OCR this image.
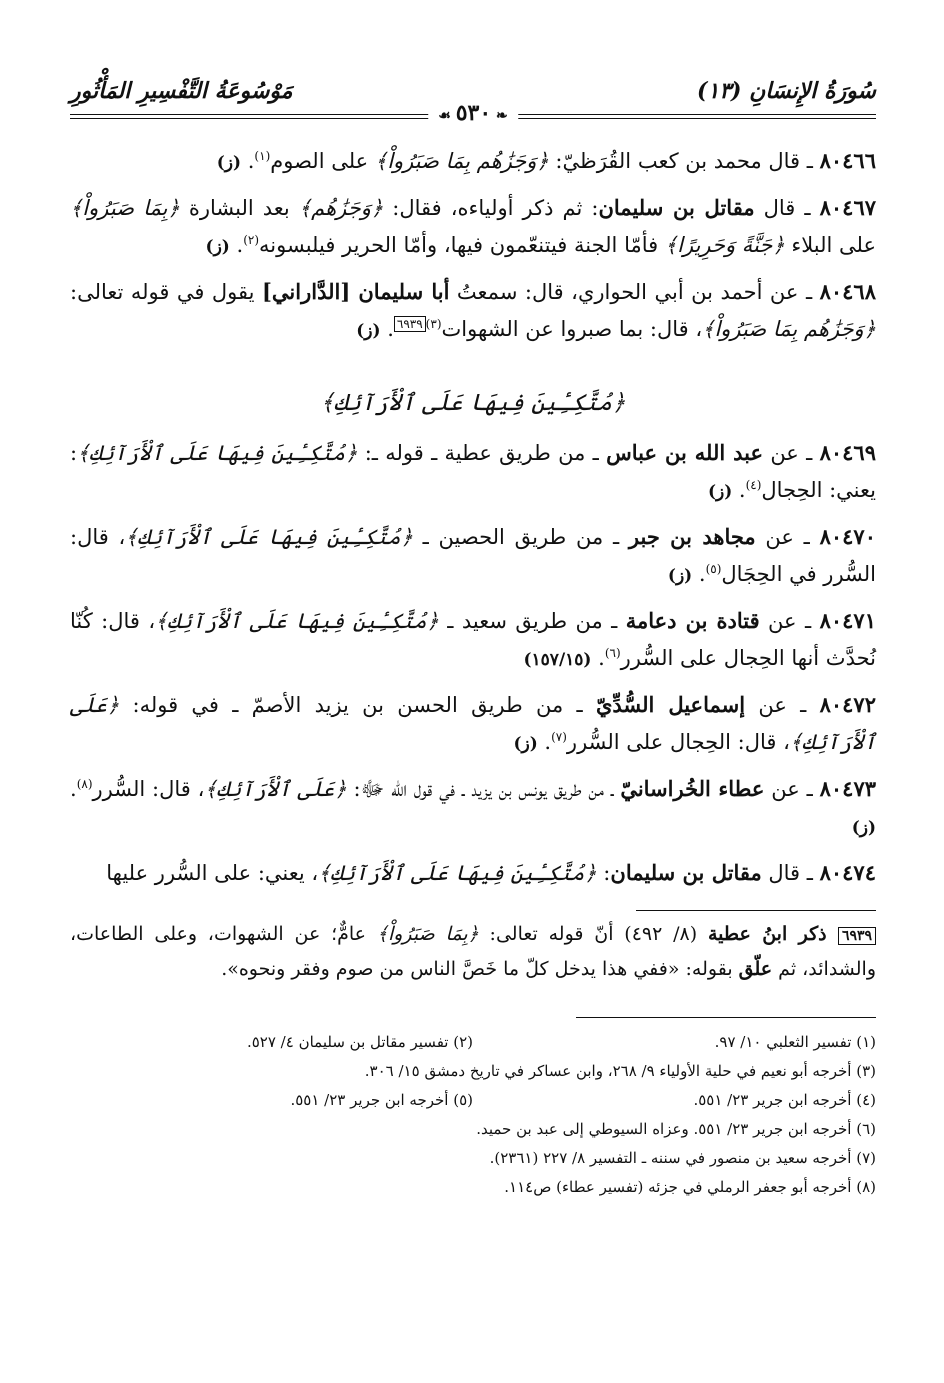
سُورَةُ الإِنسَانِ (١٣)
مَوْسُوعَةُ التَّفْسِيرِ المَأْثُورِ
❧ ٥٣٠ ☙

٨٠٤٦٦ ـ قال محمد بن كعب القُرَظيّ: ﴿وَجَزَٰهُم بِمَا صَبَرُواْ﴾ على الصوم$^{(١)}$. (ز)

٨٠٤٦٧ ـ قال مقاتل بن سليمان: ثم ذكر أولياءه، فقال: ﴿وَجَزَٰهُم﴾ بعد البشارة ﴿بِمَا صَبَرُواْ﴾ على البلاء ﴿جَنَّةً وَحَرِيرًا﴾ فأمّا الجنة فيتنعّمون فيها، وأمّا الحرير فيلبسونه$^{(٢)}$. (ز)

٨٠٤٦٨ ـ عن أحمد بن أبي الحواري، قال: سمعتُ أبا سليمان [الدَّاراني] يقول في قوله تعالى: ﴿وَجَزَٰهُم بِمَا صَبَرُواْ﴾، قال: بما صبروا عن الشهوات$^{(٣)}$٦٩٣٩. (ز)

﴿مُتَّكِـِٔينَ فِيهَا عَلَى ٱلْأَرَآئِكِ﴾

٨٠٤٦٩ ـ عن عبد الله بن عباس ـ من طريق عطية ـ قوله ـ: ﴿مُتَّكِـِٔينَ فِيهَا عَلَى ٱلْأَرَآئِكِ﴾: يعني: الحِجال$^{(٤)}$. (ز)

٨٠٤٧٠ ـ عن مجاهد بن جبر ـ من طريق الحصين ـ ﴿مُتَّكِـِٔينَ فِيهَا عَلَى ٱلْأَرَآئِكِ﴾، قال: السُّرر في الحِجَال$^{(٥)}$. (ز)

٨٠٤٧١ ـ عن قتادة بن دعامة ـ من طريق سعيد ـ ﴿مُتَّكِـِٔينَ فِيهَا عَلَى ٱلْأَرَآئِكِ﴾، قال: كُنّا نُحدَّث أنها الحِجال على السُّرر$^{(٦)}$. (١٥٧/١٥)

٨٠٤٧٢ ـ عن إسماعيل السُّدِّيّ ـ من طريق الحسن بن يزيد الأصمّ ـ في قوله: ﴿عَلَى ٱلْأَرَآئِكِ﴾، قال: الحِجال على السُّرر$^{(٧)}$. (ز)

٨٠٤٧٣ ـ عن عطاء الخُراسانيّ ـ من طريق يونس بن يزيد ـ في قول الله ﷻ: ﴿عَلَى ٱلْأَرَآئِكِ﴾، قال: السُّرر$^{(٨)}$. (ز)

٨٠٤٧٤ ـ قال مقاتل بن سليمان: ﴿مُتَّكِـِٔينَ فِيهَا عَلَى ٱلْأَرَآئِكِ﴾، يعني: على السُّرر عليها

٦٩٣٩ ذكر ابنُ عطية (٨/ ٤٩٢) أنّ قوله تعالى: ﴿بِمَا صَبَرُواْ﴾ عامٌّ؛ عن الشهوات، وعلى الطاعات، والشدائد، ثم علّق بقوله: «ففي هذا يدخل كلّ ما خَصَّ الناس من صوم وفقر ونحوه».

(١) تفسير الثعلبي ١٠/ ٩٧.
(٢) تفسير مقاتل بن سليمان ٤/ ٥٢٧.
(٣) أخرجه أبو نعيم في حلية الأولياء ٩/ ٢٦٨، وابن عساكر في تاريخ دمشق ١٥/ ٣٠٦.
(٤) أخرجه ابن جرير ٢٣/ ٥٥١.
(٥) أخرجه ابن جرير ٢٣/ ٥٥١.
(٦) أخرجه ابن جرير ٢٣/ ٥٥١. وعزاه السيوطي إلى عبد بن حميد.
(٧) أخرجه سعيد بن منصور في سننه ـ التفسير ٨/ ٢٢٧ (٢٣٦١).
(٨) أخرجه أبو جعفر الرملي في جزئه (تفسير عطاء) ص١١٤.
